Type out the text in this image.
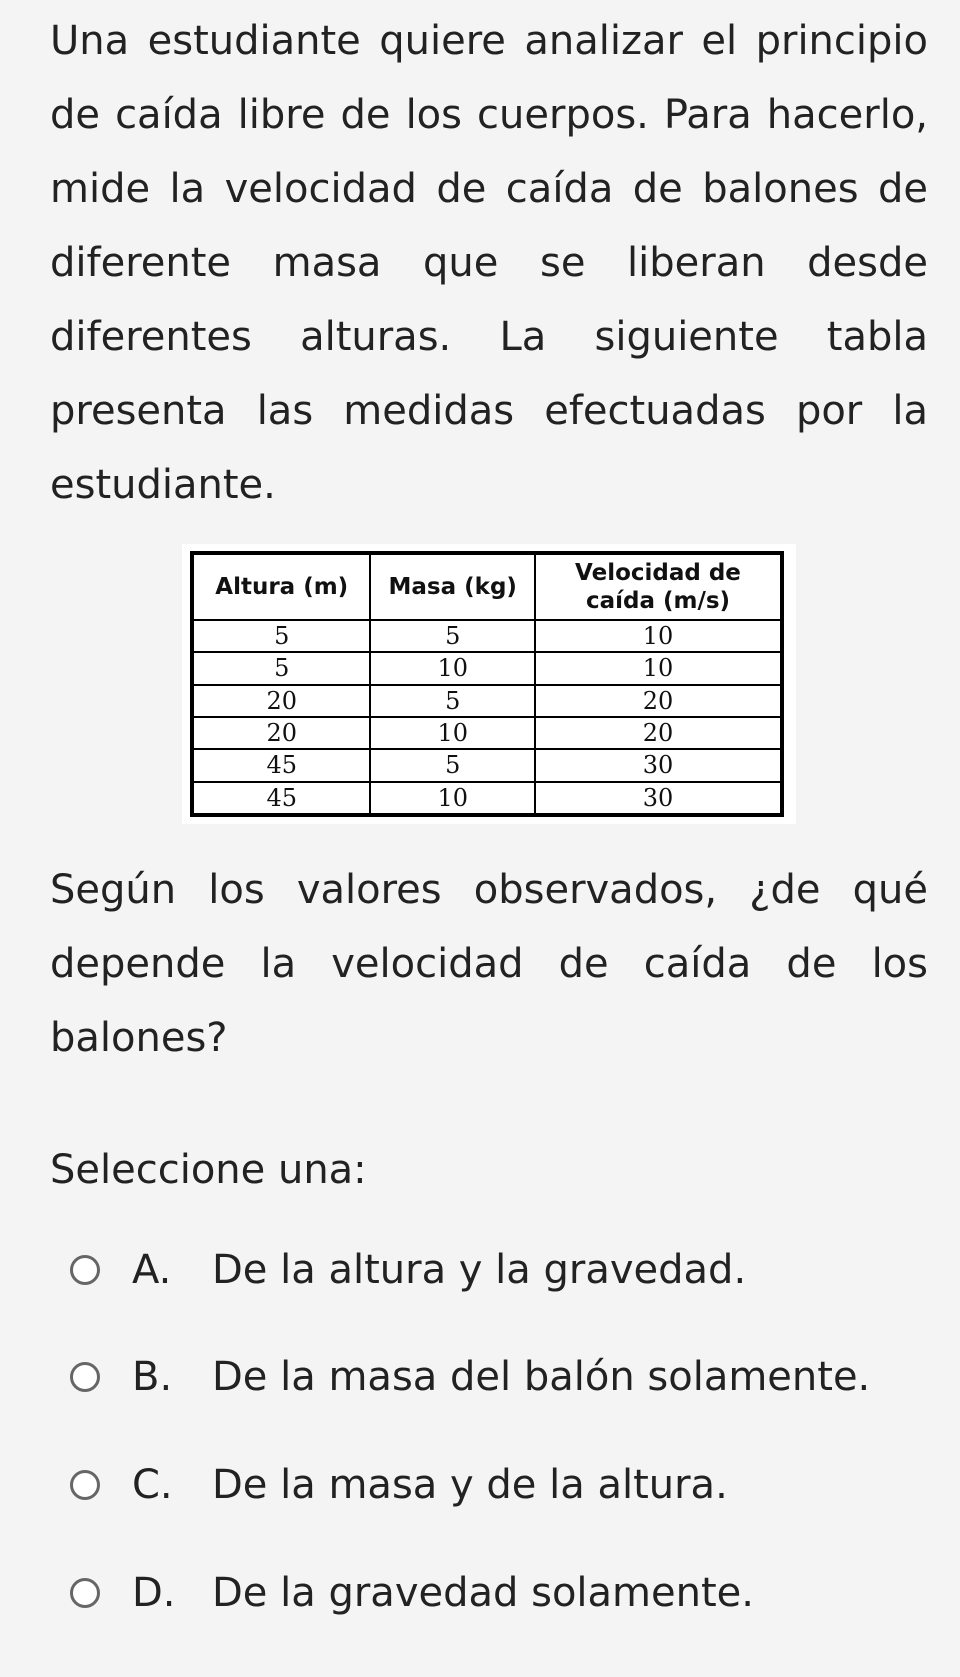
Una estudiante quiere analizar el principio de caída libre de los cuerpos. Para hacerlo, mide la velocidad de caída de balones de diferente masa que se liberan desde diferentes alturas. La siguiente tabla presenta las medidas efectuadas por la estudiante.

Altura (m)	Masa (kg)	Velocidad de caída (m/s)
5	5	10
5	10	10
20	5	20
20	10	20
45	5	30
45	10	30

Según los valores observados, ¿de qué depende la velocidad de caída de los balones?

Seleccione una:

A.	De la altura y la gravedad.
B. De la masa del balón solamente.
C. De la masa y de la altura.
D. De la gravedad solamente.
